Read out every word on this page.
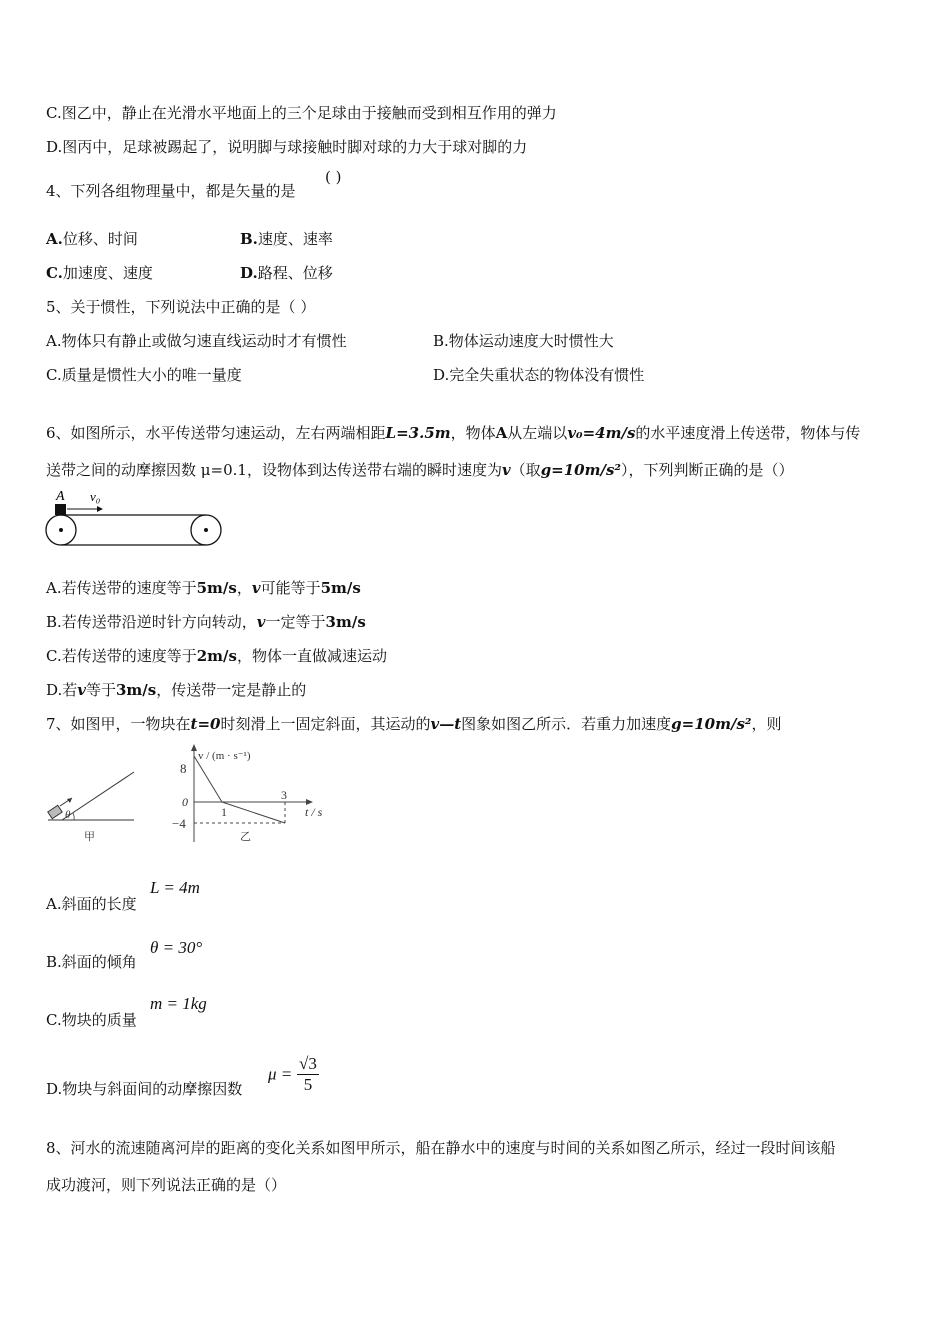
C.图乙中，静止在光滑水平地面上的三个足球由于接触而受到相互作用的弹力
D.图丙中，足球被踢起了，说明脚与球接触时脚对球的力大于球对脚的力
4、下列各组物理量中，都是矢量的是
( )
A.位移、时间	B.速度、速率
C.加速度、速度	D.路程、位移
5、关于惯性，下列说法中正确的是（ ）
A.物体只有静止或做匀速直线运动时才有惯性	B.物体运动速度大时惯性大
C.质量是惯性大小的唯一量度	D.完全失重状态的物体没有惯性
6、如图所示，水平传送带匀速运动，左右两端相距L=3.5m，物体A从左端以v₀=4m/s的水平速度滑上传送带，物体与传
送带之间的动摩擦因数 μ=0.1，设物体到达传送带右端的瞬时速度为v（取g=10m/s²），下列判断正确的是（）
A v₀
A.若传送带的速度等于5m/s，v可能等于5m/s
B.若传送带沿逆时针方向转动，v一定等于3m/s
C.若传送带的速度等于2m/s，物体一直做减速运动
D.若v等于3m/s，传送带一定是静止的
7、如图甲，一物块在t=0时刻滑上一固定斜面，其运动的v—t图象如图乙所示．若重力加速度g=10m/s²，则
θ
甲
v / (m · s⁻¹)
t / s
8
0
−4
1
3
乙
A.斜面的长度
L = 4m
B.斜面的倾角
θ = 30°
C.物块的质量
m = 1kg
D.物块与斜面间的动摩擦因数
$\mu = \frac{√3}{5}$
8、河水的流速随离河岸的距离的变化关系如图甲所示，船在静水中的速度与时间的关系如图乙所示，经过一段时间该船
成功渡河，则下列说法正确的是（）
